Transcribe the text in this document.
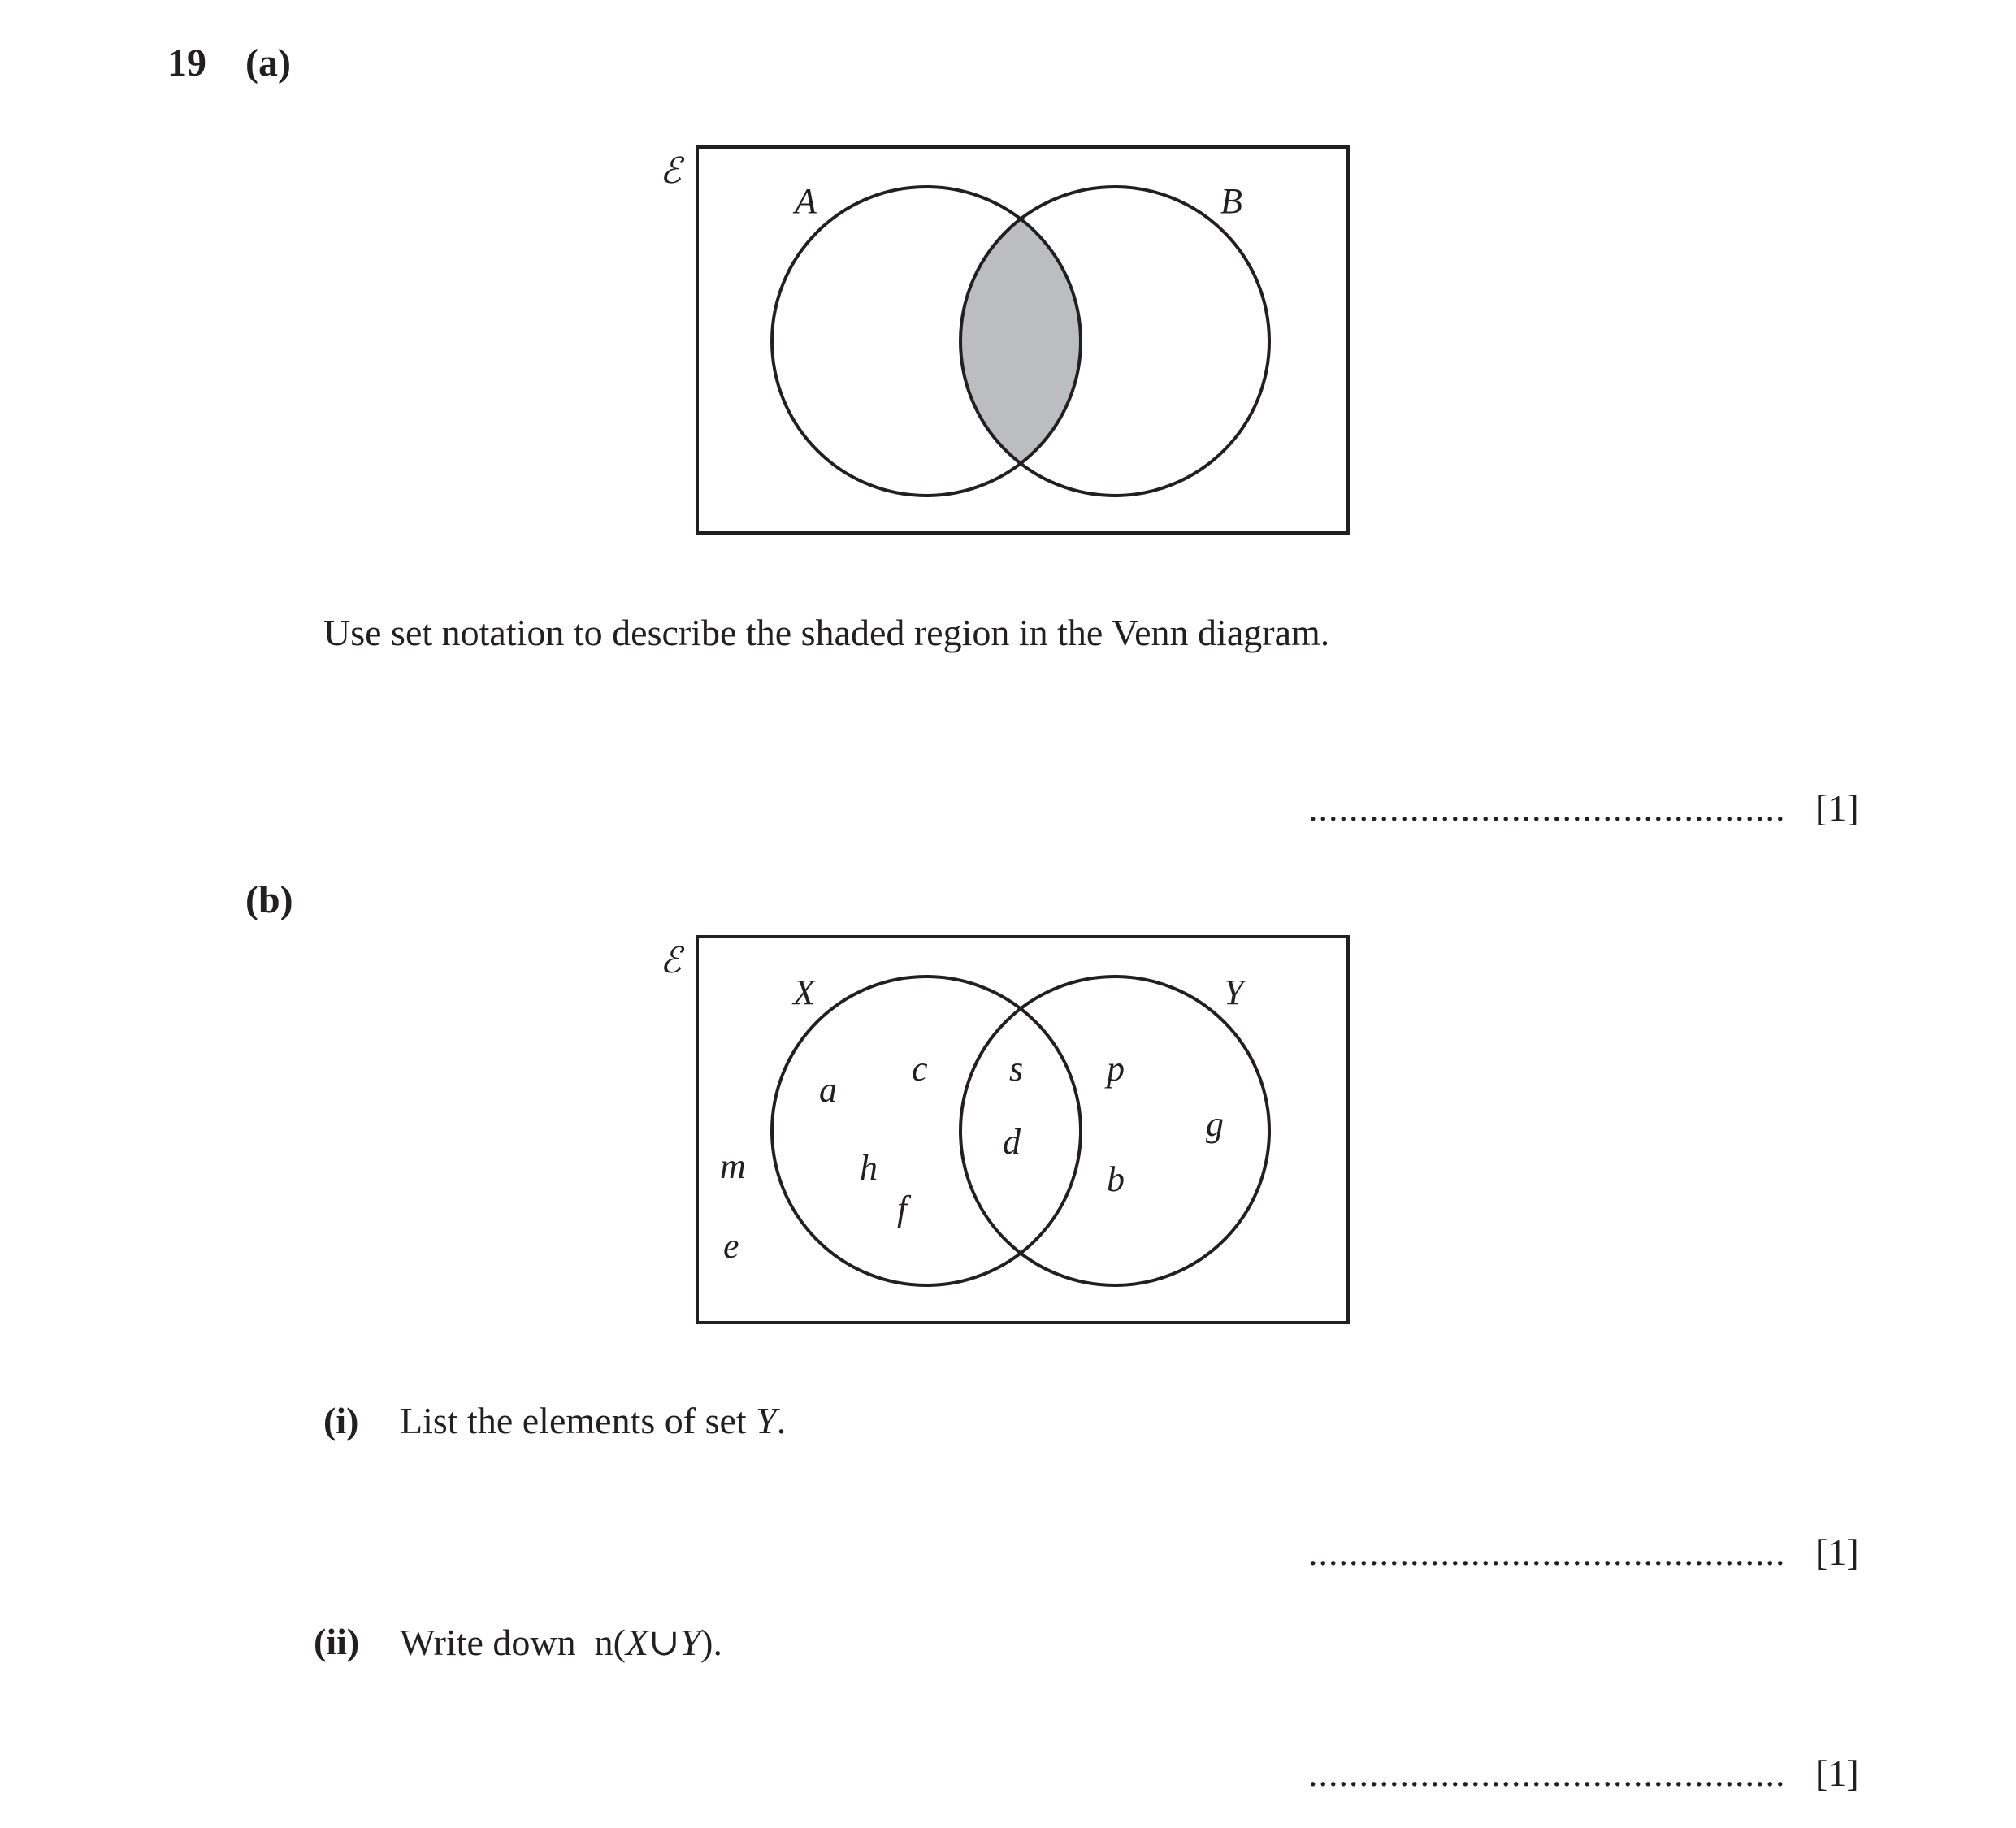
19 (a)
ℰ
A	B
Use set notation to describe the shaded region in the Venn diagram.
............................................... [1]
(b)
ℰ
X	Y
a
c
h
f
s
d
p
g
b
m
e
(i) List the elements of set Y.
............................................... [1]
(ii) Write down  n(X∪Y).
............................................... [1]
